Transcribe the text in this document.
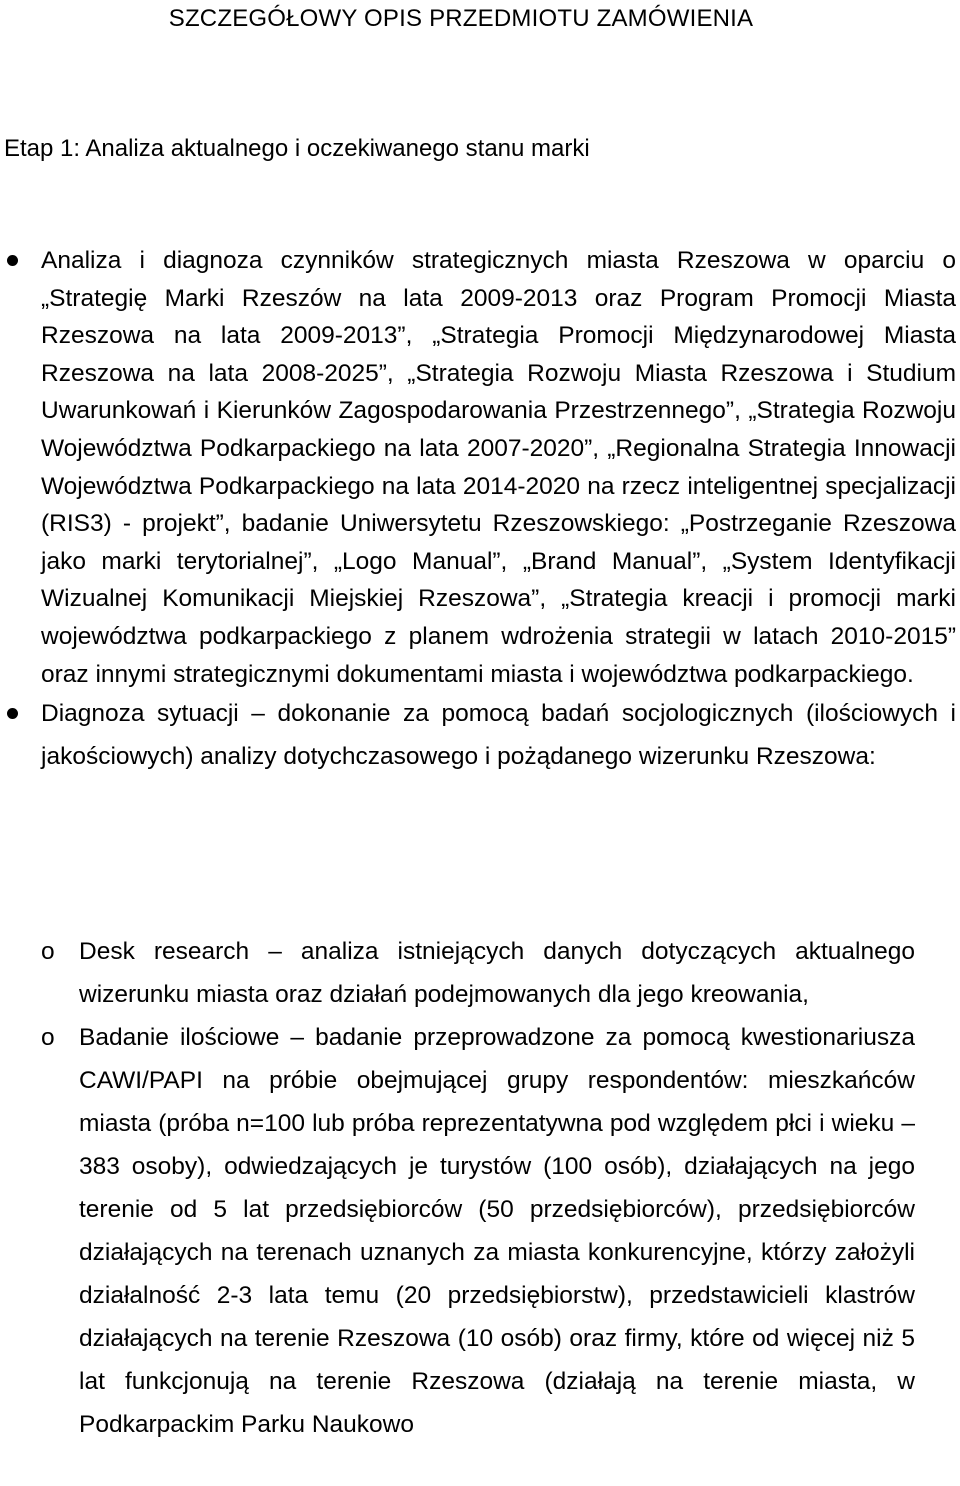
SZCZEGÓŁOWY OPIS PRZEDMIOTU ZAMÓWIENIA
Etap 1: Analiza aktualnego i oczekiwanego stanu marki

Analiza i diagnoza czynników strategicznych miasta Rzeszowa w oparciu o „Strategię Marki Rzeszów na lata 2009-2013 oraz Program Promocji Miasta Rzeszowa na lata 2009-2013”, „Strategia Promocji Międzynarodowej Miasta Rzeszowa na lata 2008-2025”, „Strategia Rozwoju Miasta Rzeszowa i Studium Uwarunkowań i Kierunków Zagospodarowania Przestrzennego”, „Strategia Rozwoju Województwa Podkarpackiego na lata 2007-2020”, „Regionalna Strategia Innowacji Województwa Podkarpackiego na lata 2014-2020 na rzecz inteligentnej specjalizacji (RIS3) - projekt”, badanie Uniwersytetu Rzeszowskiego: „Postrzeganie Rzeszowa jako marki terytorialnej”, „Logo Manual”, „Brand Manual”, „System Identyfikacji Wizualnej Komunikacji Miejskiej Rzeszowa”, „Strategia kreacji i promocji marki województwa podkarpackiego z planem wdrożenia strategii w latach 2010-2015” oraz innymi strategicznymi dokumentami miasta i województwa podkarpackiego.

Diagnoza sytuacji – dokonanie za pomocą badań socjologicznych (ilościowych i jakościowych) analizy dotychczasowego i pożądanego wizerunku Rzeszowa:

o Desk research – analiza istniejących danych dotyczących aktualnego wizerunku miasta oraz działań podejmowanych dla jego kreowania,

o Badanie ilościowe – badanie przeprowadzone za pomocą kwestionariusza CAWI/PAPI na próbie obejmującej grupy respondentów: mieszkańców miasta (próba n=100 lub próba reprezentatywna pod względem płci i wieku – 383 osoby), odwiedzających je turystów (100 osób), działających na jego terenie od 5 lat przedsiębiorców (50 przedsiębiorców), przedsiębiorców działających na terenach uznanych za miasta konkurencyjne, którzy założyli działalność 2-3 lata temu (20 przedsiębiorstw), przedstawicieli klastrów działających na terenie Rzeszowa (10 osób) oraz firmy, które od więcej niż 5 lat funkcjonują na terenie Rzeszowa (działają na terenie miasta, w Podkarpackim Parku Naukowo
